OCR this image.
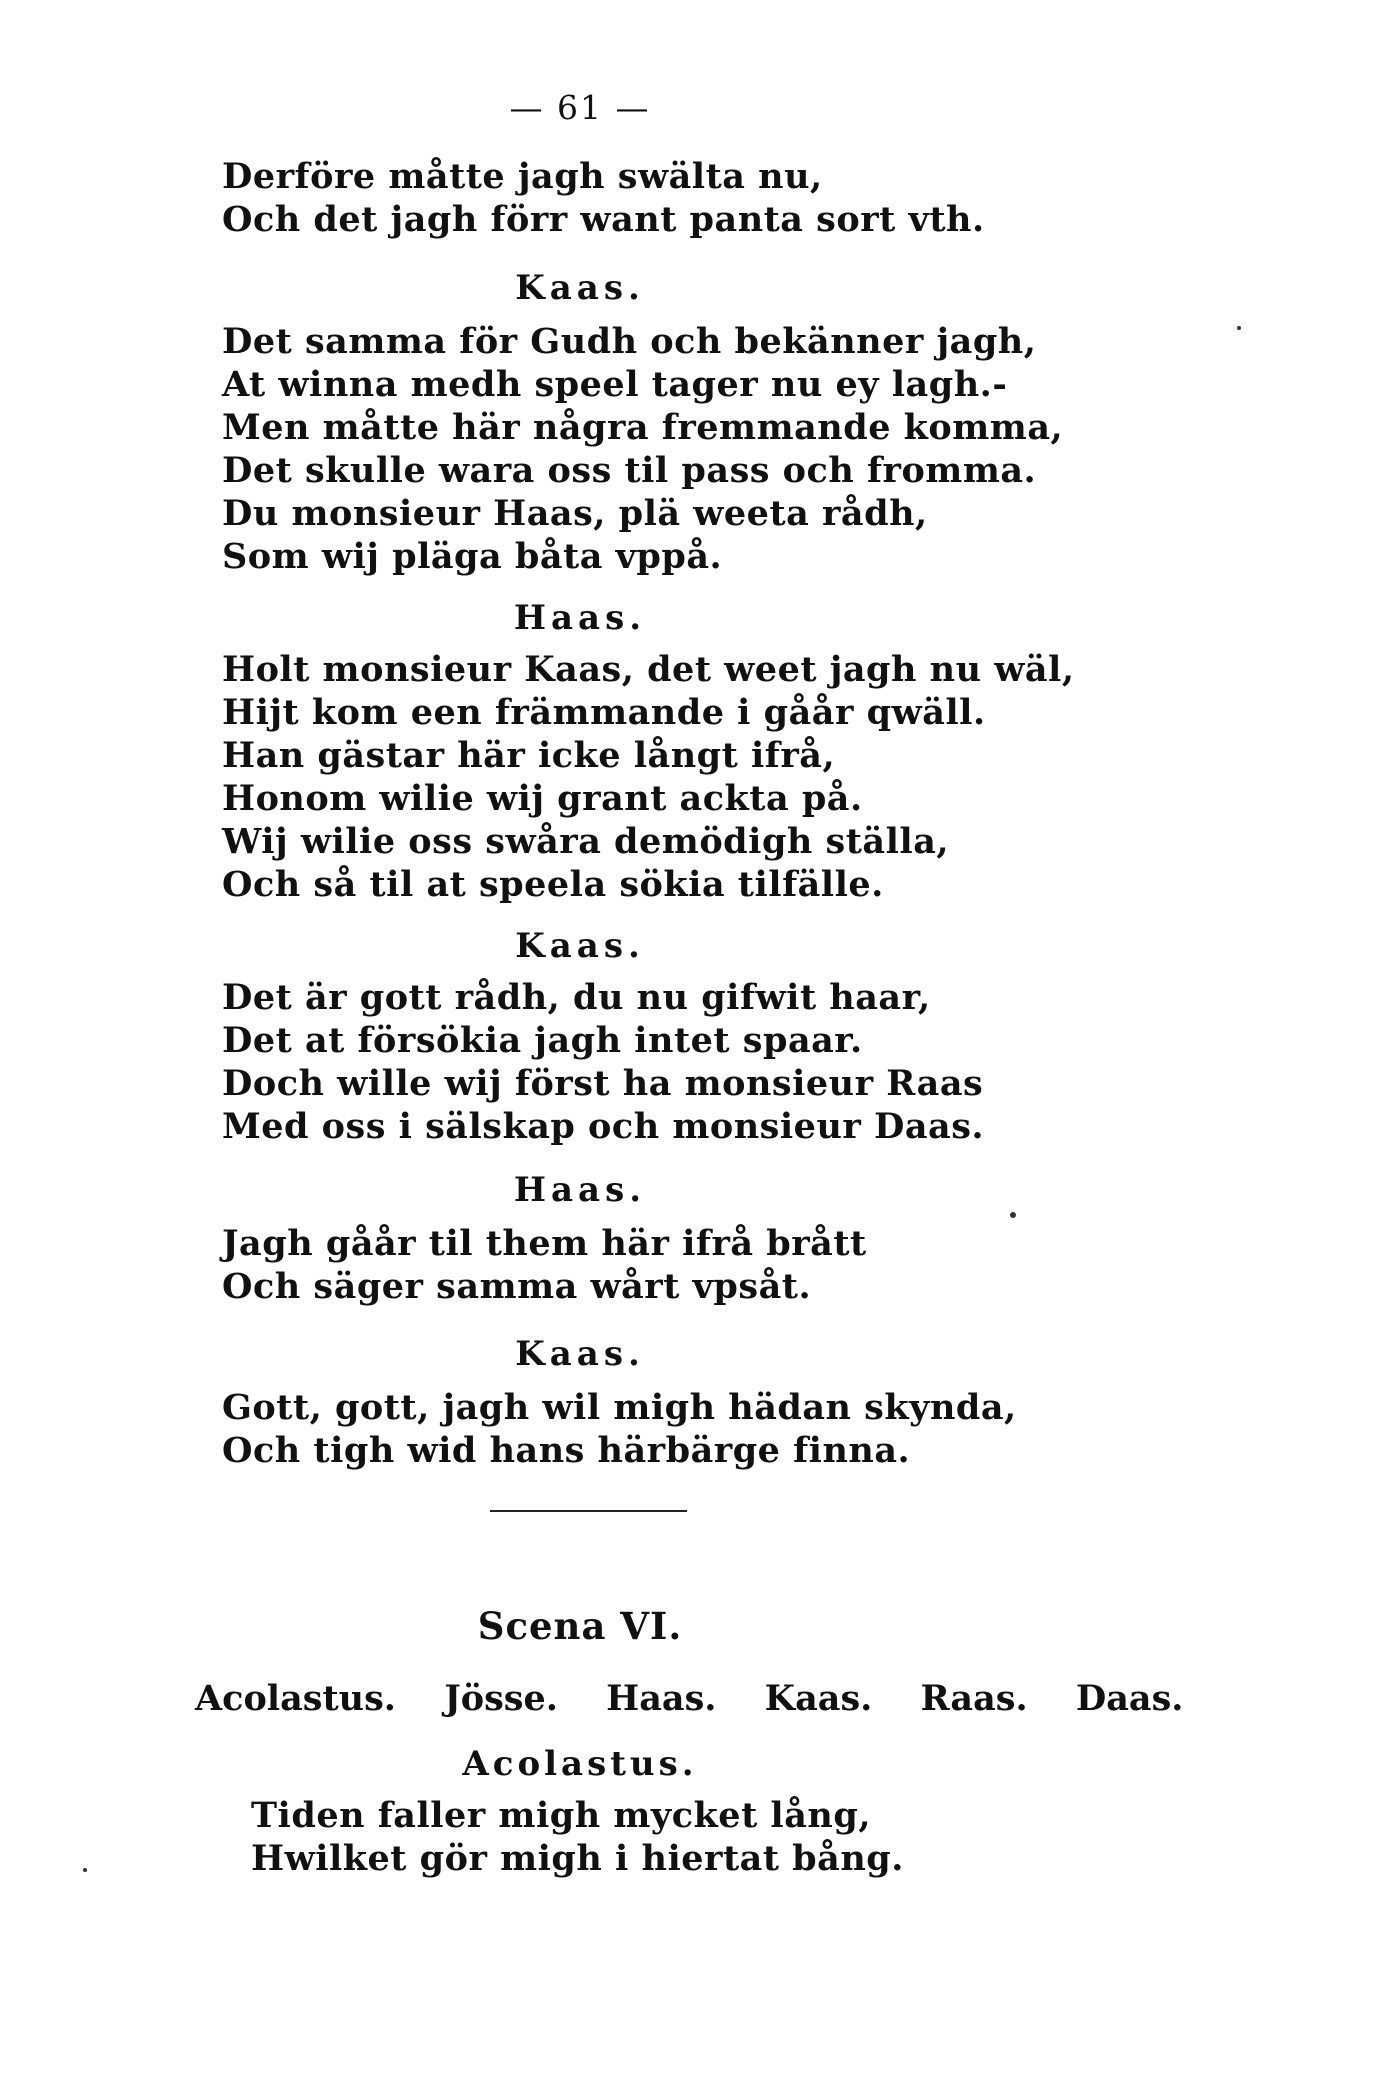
— 61 —
Derföre måtte jagh swälta nu,
Och det jagh förr want panta sort vth.
Kaas.
Det samma för Gudh och bekänner jagh,
At winna medh speel tager nu ey lagh.-
Men måtte här några fremmande komma,
Det skulle wara oss til pass och fromma.
Du monsieur Haas, plä weeta rådh,
Som wij pläga båta vppå.
Haas.
Holt monsieur Kaas, det weet jagh nu wäl,
Hijt kom een främmande i gåår qwäll.
Han gästar här icke långt ifrå,
Honom wilie wij grant ackta på.
Wij wilie oss swåra demödigh ställa,
Och så til at speela sökia tilfälle.
Kaas.
Det är gott rådh, du nu gifwit haar,
Det at försökia jagh intet spaar.
Doch wille wij först ha monsieur Raas
Med oss i sälskap och monsieur Daas.
Haas.
Jagh gåår til them här ifrå brått
Och säger samma wårt vpsåt.
Kaas.
Gott, gott, jagh wil migh hädan skynda,
Och tigh wid hans härbärge finna.
Scena VI.
Acolastus. Jösse. Haas. Kaas. Raas. Daas.
Acolastus.
Tiden faller migh mycket lång,
Hwilket gör migh i hiertat bång.
